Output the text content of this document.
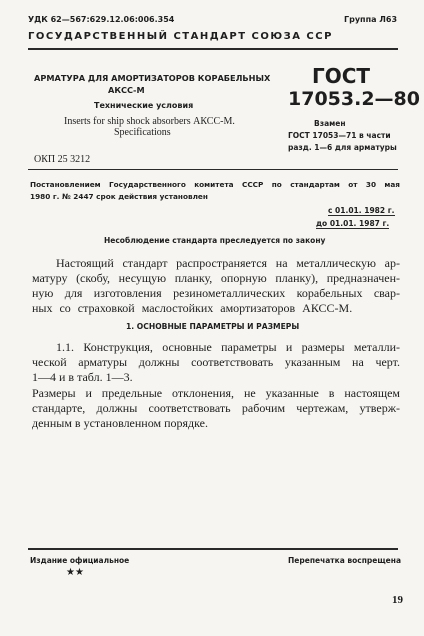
УДК 62—567:629.12.06:006.354	Группа Л63
ГОСУДАРСТВЕННЫЙ СТАНДАРТ СОЮЗА ССР
АРМАТУРА ДЛЯ АМОРТИЗАТОРОВ КОРАБЕЛЬНЫХ
АКСС-М
Технические условия
Inserts for ship shock absorbers АКСС-М.
Specifications
ОКП 25 3212
ГОСТ
17053.2—80
Взамен
ГОСТ 17053—71 в части
разд. 1—6 для арматуры
Постановлением Государственного комитета СССР по стандартам от 30 мая
1980 г. № 2447 срок действия установлен
с 01.01. 1982 г.
до 01.01. 1987 г.
Несоблюдение стандарта преследуется по закону
Настоящий стандарт распространяется на металлическую ар-
матуру (скобу, несущую планку, опорную планку), предназначен-
ную для изготовления резинометаллических корабельных свар-
ных со страховкой маслостойких амортизаторов АКСС-М.
1. ОСНОВНЫЕ ПАРАМЕТРЫ И РАЗМЕРЫ
1.1. Конструкция, основные параметры и размеры металли-
ческой арматуры должны соответствовать указанным на черт.
1—4 и в табл. 1—3.
Размеры и предельные отклонения, не указанные в настоящем
стандарте, должны соответствовать рабочим чертежам, утверж-
денным в установленном порядке.
Издание официальное
★★
Перепечатка воспрещена
19
